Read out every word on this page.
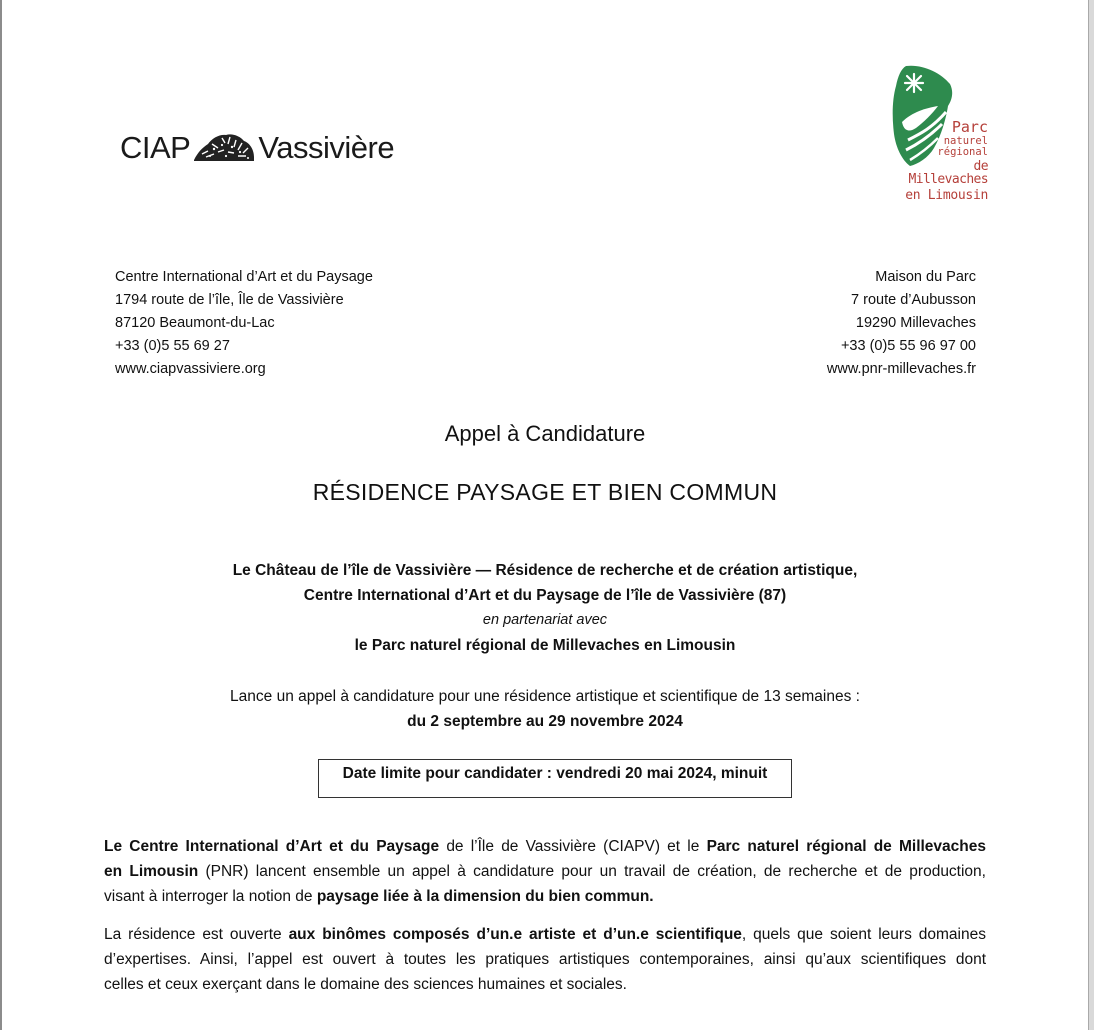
CIAP Vassivière
Parc
naturel
régional
de Millevaches
en Limousin
Centre International d’Art et du Paysage
1794 route de l’île, Île de Vassivière
87120 Beaumont-du-Lac
+33 (0)5 55 69 27
www.ciapvassiviere.org
Maison du Parc
7 route d’Aubusson
19290 Millevaches
+33 (0)5 55 96 97 00
www.pnr-millevaches.fr
Appel à Candidature
RÉSIDENCE PAYSAGE ET BIEN COMMUN
Le Château de l’île de Vassivière — Résidence de recherche et de création artistique,
Centre International d’Art et du Paysage de l’île de Vassivière (87)
en partenariat avec
le Parc naturel régional de Millevaches en Limousin
Lance un appel à candidature pour une résidence artistique et scientifique de 13 semaines :
du 2 septembre au 29 novembre 2024
Date limite pour candidater : vendredi 20 mai 2024, minuit
Le Centre International d’Art et du Paysage de l’Île de Vassivière (CIAPV) et le Parc naturel régional de Millevaches
en Limousin (PNR) lancent ensemble un appel à candidature pour un travail de création, de recherche et de production,
visant à interroger la notion de paysage liée à la dimension du bien commun.
La résidence est ouverte aux binômes composés d’un.e artiste et d’un.e scientifique, quels que soient leurs domaines
d’expertises. Ainsi, l’appel est ouvert à toutes les pratiques artistiques contemporaines, ainsi qu’aux scientifiques dont
celles et ceux exerçant dans le domaine des sciences humaines et sociales.
